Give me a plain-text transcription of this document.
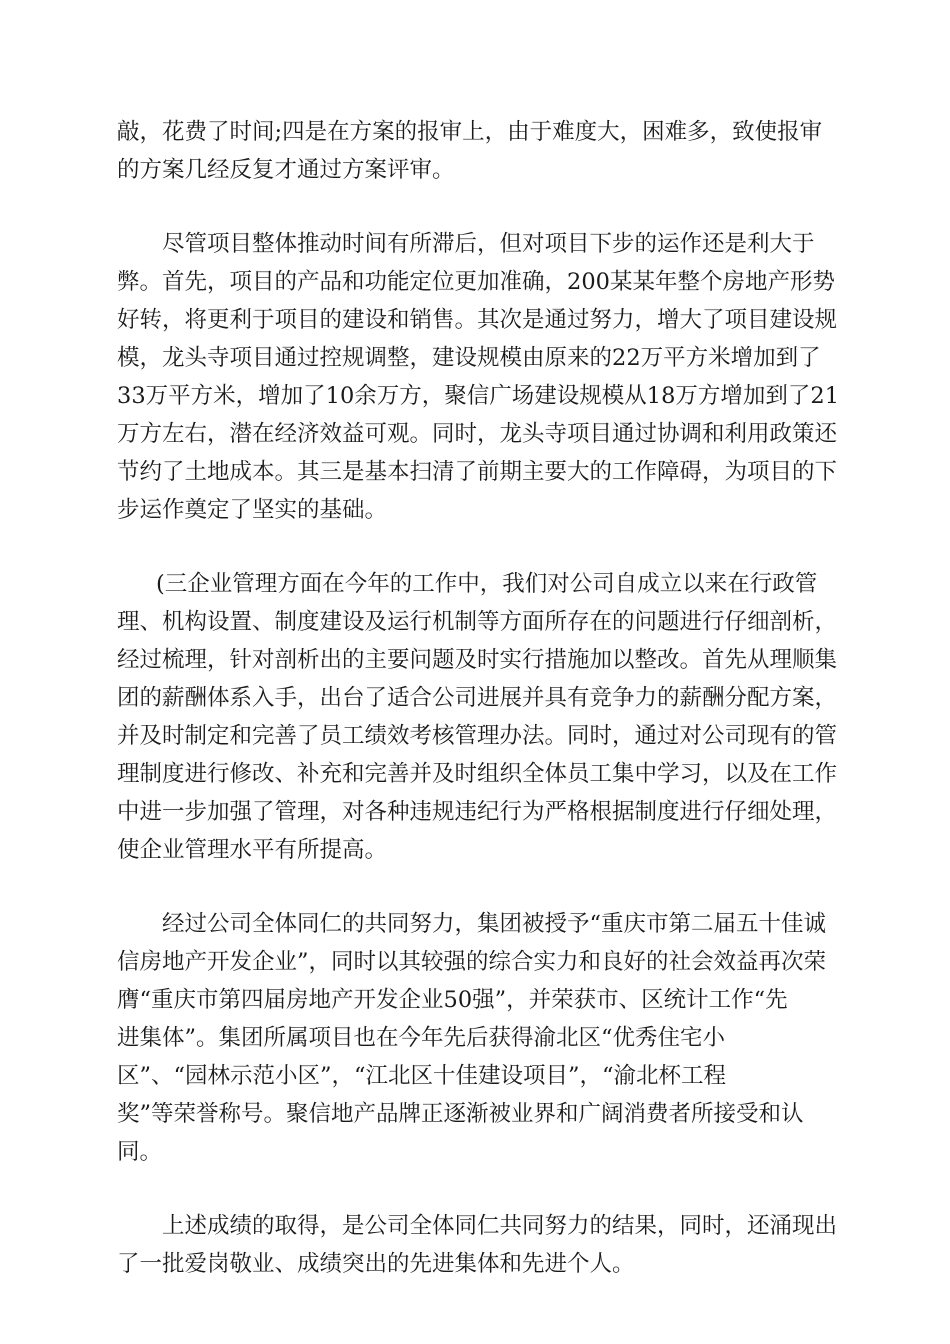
敲，花费了时间;四是在方案的报审上，由于难度大，困难多，致使报审

的方案几经反复才通过方案评审。

尽管项目整体推动时间有所滞后，但对项目下步的运作还是利大于

弊。首先，项目的产品和功能定位更加准确，200某某年整个房地产形势

好转，将更利于项目的建设和销售。其次是通过努力，增大了项目建设规

模，龙头寺项目通过控规调整，建设规模由原来的22万平方米增加到了

33万平方米，增加了10余万方，聚信广场建设规模从18万方增加到了21

万方左右，潜在经济效益可观。同时，龙头寺项目通过协调和利用政策还

节约了土地成本。其三是基本扫清了前期主要大的工作障碍，为项目的下

步运作奠定了坚实的基础。

(三企业管理方面在今年的工作中，我们对公司自成立以来在行政管

理、机构设置、制度建设及运行机制等方面所存在的问题进行仔细剖析，

经过梳理，针对剖析出的主要问题及时实行措施加以整改。首先从理顺集

团的薪酬体系入手，出台了适合公司进展并具有竞争力的薪酬分配方案，

并及时制定和完善了员工绩效考核管理办法。同时，通过对公司现有的管

理制度进行修改、补充和完善并及时组织全体员工集中学习，以及在工作

中进一步加强了管理，对各种违规违纪行为严格根据制度进行仔细处理，

使企业管理水平有所提高。

经过公司全体同仁的共同努力，集团被授予“重庆市第二届五十佳诚

信房地产开发企业”，同时以其较强的综合实力和良好的社会效益再次荣

膺“重庆市第四届房地产开发企业50强”，并荣获市、区统计工作“先

进集体”。集团所属项目也在今年先后获得渝北区“优秀住宅小

区”、“园林示范小区”，“江北区十佳建设项目”，“渝北杯工程

奖”等荣誉称号。聚信地产品牌正逐渐被业界和广阔消费者所接受和认

同。

上述成绩的取得，是公司全体同仁共同努力的结果，同时，还涌现出

了一批爱岗敬业、成绩突出的先进集体和先进个人。
